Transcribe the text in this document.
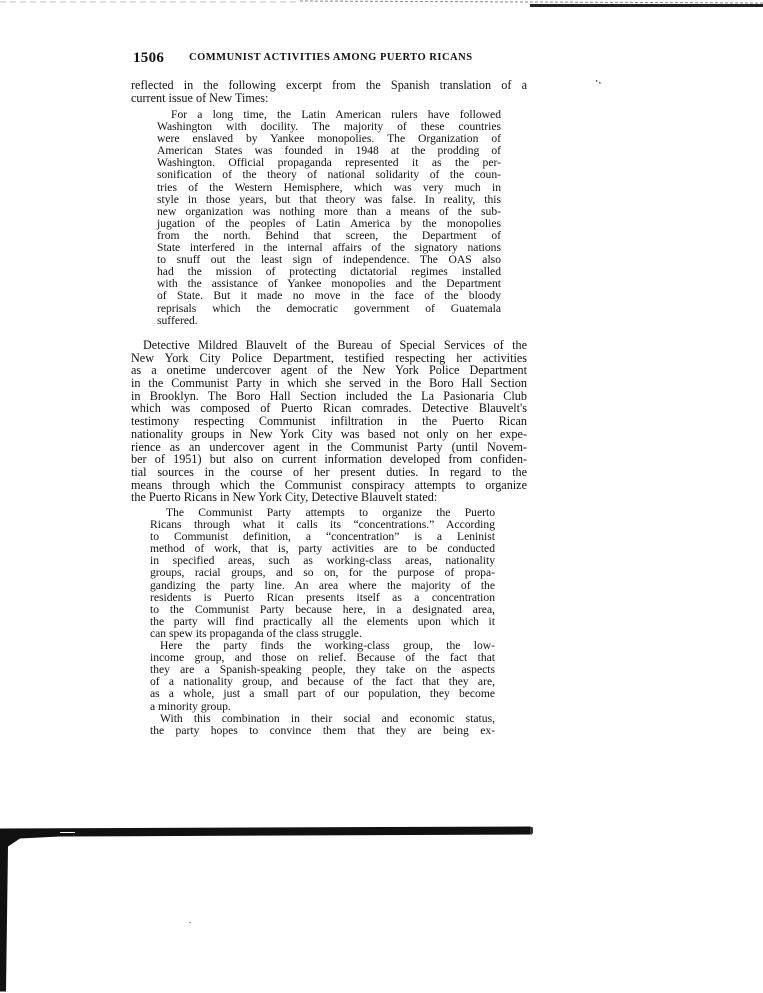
1506 COMMUNIST ACTIVITIES AMONG PUERTO RICANS
⸱⸳
reflected in the following excerpt from the Spanish translation of a
current issue of New Times:
For a long time, the Latin American rulers have followed
Washington with docility. The majority of these countries
were enslaved by Yankee monopolies. The Organization of
American States was founded in 1948 at the prodding of
Washington. Official propaganda represented it as the per-
sonification of the theory of national solidarity of the coun-
tries of the Western Hemisphere, which was very much in
style in those years, but that theory was false. In reality, this
new organization was nothing more than a means of the sub-
jugation of the peoples of Latin America by the monopolies
from the north. Behind that screen, the Department of
State interfered in the internal affairs of the signatory nations
to snuff out the least sign of independence. The OAS also
had the mission of protecting dictatorial regimes installed
with the assistance of Yankee monopolies and the Department
of State. But it made no move in the face of the bloody
reprisals which the democratic government of Guatemala
suffered.
Detective Mildred Blauvelt of the Bureau of Special Services of the
New York City Police Department, testified respecting her activities
as a onetime undercover agent of the New York Police Department
in the Communist Party in which she served in the Boro Hall Section
in Brooklyn. The Boro Hall Section included the La Pasionaria Club
which was composed of Puerto Rican comrades. Detective Blauvelt's
testimony respecting Communist infiltration in the Puerto Rican
nationality groups in New York City was based not only on her expe-
rience as an undercover agent in the Communist Party (until Novem-
ber of 1951) but also on current information developed from confiden-
tial sources in the course of her present duties. In regard to the
means through which the Communist conspiracy attempts to organize
the Puerto Ricans in New York City, Detective Blauvelt stated:
The Communist Party attempts to organize the Puerto
Ricans through what it calls its “concentrations.” According
to Communist definition, a “concentration” is a Leninist
method of work, that is, party activities are to be conducted
in specified areas, such as working-class areas, nationality
groups, racial groups, and so on, for the purpose of propa-
gandizing the party line. An area where the majority of the
residents is Puerto Rican presents itself as a concentration
to the Communist Party because here, in a designated area,
the party will find practically all the elements upon which it
can spew its propaganda of the class struggle.
Here the party finds the working-class group, the low-
income group, and those on relief. Because of the fact that
they are a Spanish-speaking people, they take on the aspects
of a nationality group, and because of the fact that they are,
as a whole, just a small part of our population, they become
a minority group.
With this combination in their social and economic status,
the party hopes to convince them that they are being ex-
